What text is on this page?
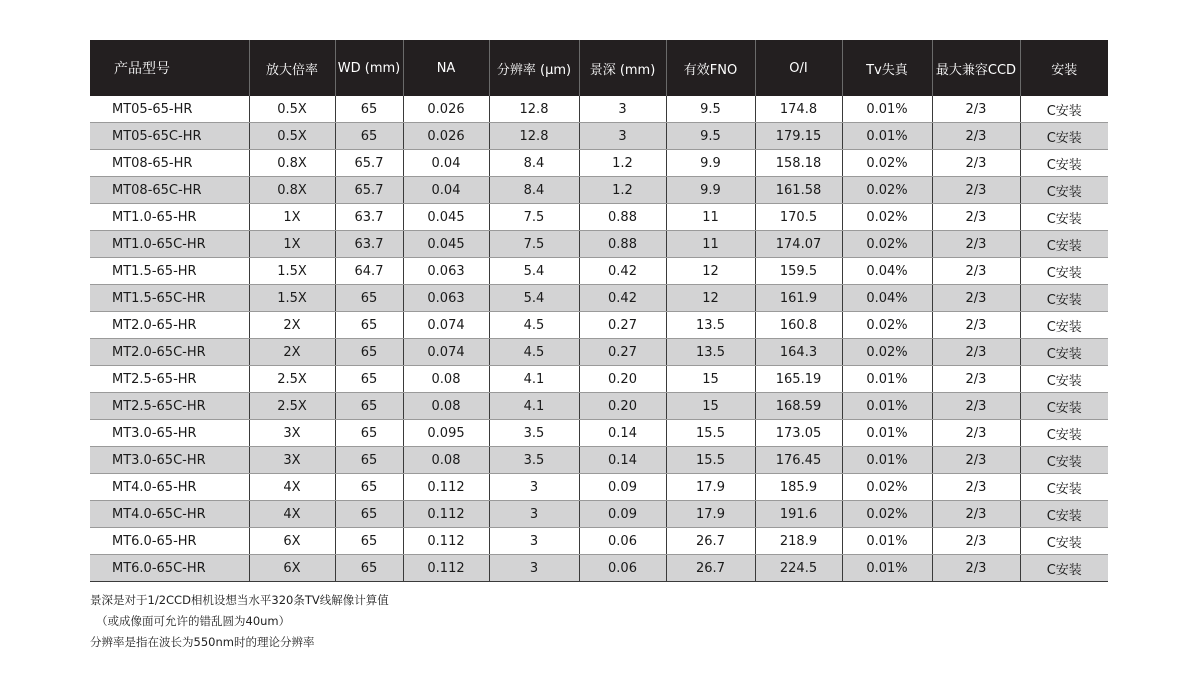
产品型号	放大倍率	WD (mm)	NA	分辨率 (µm)	景深 (mm)	有效FNO	O/I	Tv失真	最大兼容CCD	安装
MT05-65-HR	0.5X	65	0.026	12.8	3	9.5	174.8	0.01%	2/3	C安装
MT05-65C-HR	0.5X	65	0.026	12.8	3	9.5	179.15	0.01%	2/3	C安装
MT08-65-HR	0.8X	65.7	0.04	8.4	1.2	9.9	158.18	0.02%	2/3	C安装
MT08-65C-HR	0.8X	65.7	0.04	8.4	1.2	9.9	161.58	0.02%	2/3	C安装
MT1.0-65-HR	1X	63.7	0.045	7.5	0.88	11	170.5	0.02%	2/3	C安装
MT1.0-65C-HR	1X	63.7	0.045	7.5	0.88	11	174.07	0.02%	2/3	C安装
MT1.5-65-HR	1.5X	64.7	0.063	5.4	0.42	12	159.5	0.04%	2/3	C安装
MT1.5-65C-HR	1.5X	65	0.063	5.4	0.42	12	161.9	0.04%	2/3	C安装
MT2.0-65-HR	2X	65	0.074	4.5	0.27	13.5	160.8	0.02%	2/3	C安装
MT2.0-65C-HR	2X	65	0.074	4.5	0.27	13.5	164.3	0.02%	2/3	C安装
MT2.5-65-HR	2.5X	65	0.08	4.1	0.20	15	165.19	0.01%	2/3	C安装
MT2.5-65C-HR	2.5X	65	0.08	4.1	0.20	15	168.59	0.01%	2/3	C安装
MT3.0-65-HR	3X	65	0.095	3.5	0.14	15.5	173.05	0.01%	2/3	C安装
MT3.0-65C-HR	3X	65	0.08	3.5	0.14	15.5	176.45	0.01%	2/3	C安装
MT4.0-65-HR	4X	65	0.112	3	0.09	17.9	185.9	0.02%	2/3	C安装
MT4.0-65C-HR	4X	65	0.112	3	0.09	17.9	191.6	0.02%	2/3	C安装
MT6.0-65-HR	6X	65	0.112	3	0.06	26.7	218.9	0.01%	2/3	C安装
MT6.0-65C-HR	6X	65	0.112	3	0.06	26.7	224.5	0.01%	2/3	C安装
景深是对于1/2CCD相机设想当水平320条TV线解像计算值
（或成像面可允许的错乱圆为40um）
分辨率是指在波长为550nm时的理论分辨率
